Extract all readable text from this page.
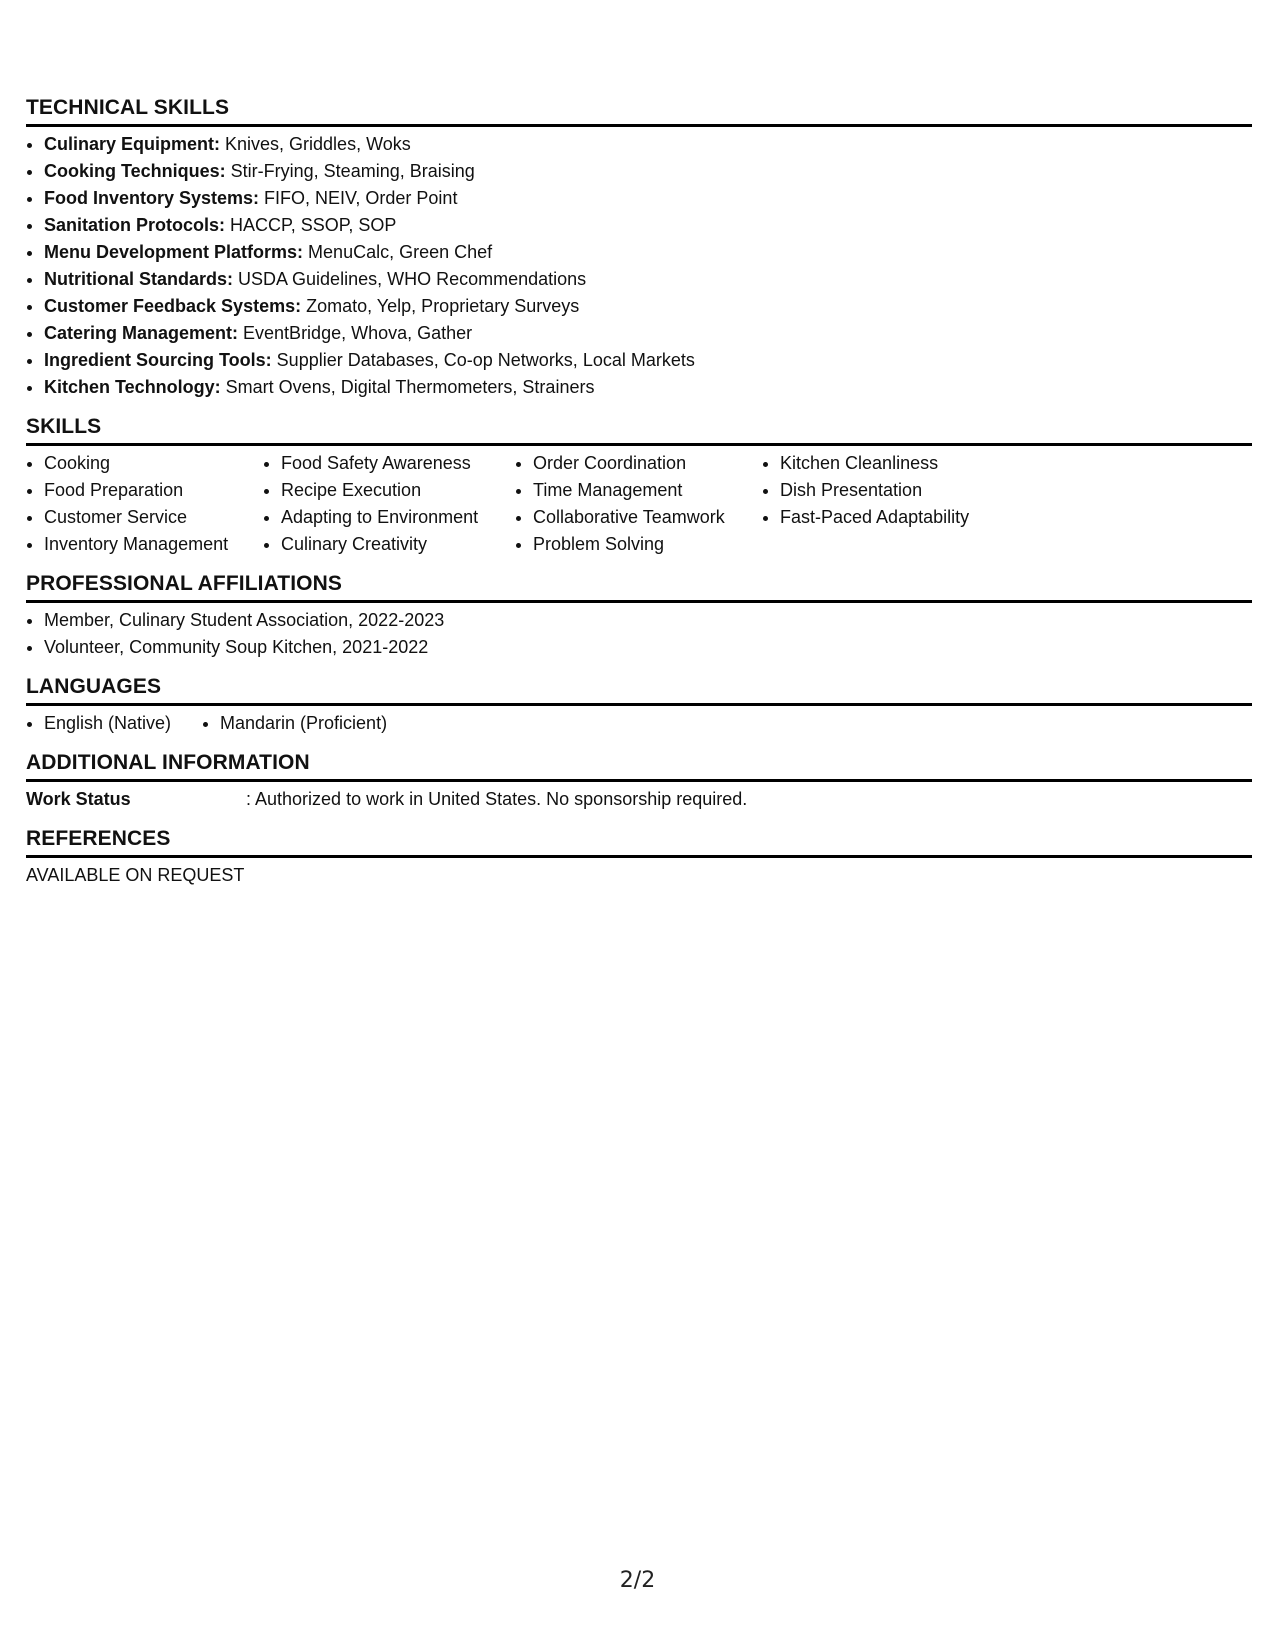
TECHNICAL SKILLS
• Culinary Equipment: Knives, Griddles, Woks
• Cooking Techniques: Stir-Frying, Steaming, Braising
• Food Inventory Systems: FIFO, NEIV, Order Point
• Sanitation Protocols: HACCP, SSOP, SOP
• Menu Development Platforms: MenuCalc, Green Chef
• Nutritional Standards: USDA Guidelines, WHO Recommendations
• Customer Feedback Systems: Zomato, Yelp, Proprietary Surveys
• Catering Management: EventBridge, Whova, Gather
• Ingredient Sourcing Tools: Supplier Databases, Co-op Networks, Local Markets
• Kitchen Technology: Smart Ovens, Digital Thermometers, Strainers
SKILLS
• Cooking
• Food Preparation
• Customer Service
• Inventory Management
• Food Safety Awareness
• Recipe Execution
• Adapting to Environment
• Culinary Creativity
• Order Coordination
• Time Management
• Collaborative Teamwork
• Problem Solving
• Kitchen Cleanliness
• Dish Presentation
• Fast-Paced Adaptability
PROFESSIONAL AFFILIATIONS
• Member, Culinary Student Association, 2022-2023
• Volunteer, Community Soup Kitchen, 2021-2022
LANGUAGES
• English (Native)
•	Mandarin (Proficient)
ADDITIONAL INFORMATION
Work Status	: Authorized to work in United States. No sponsorship required.
REFERENCES
AVAILABLE ON REQUEST
2/2
